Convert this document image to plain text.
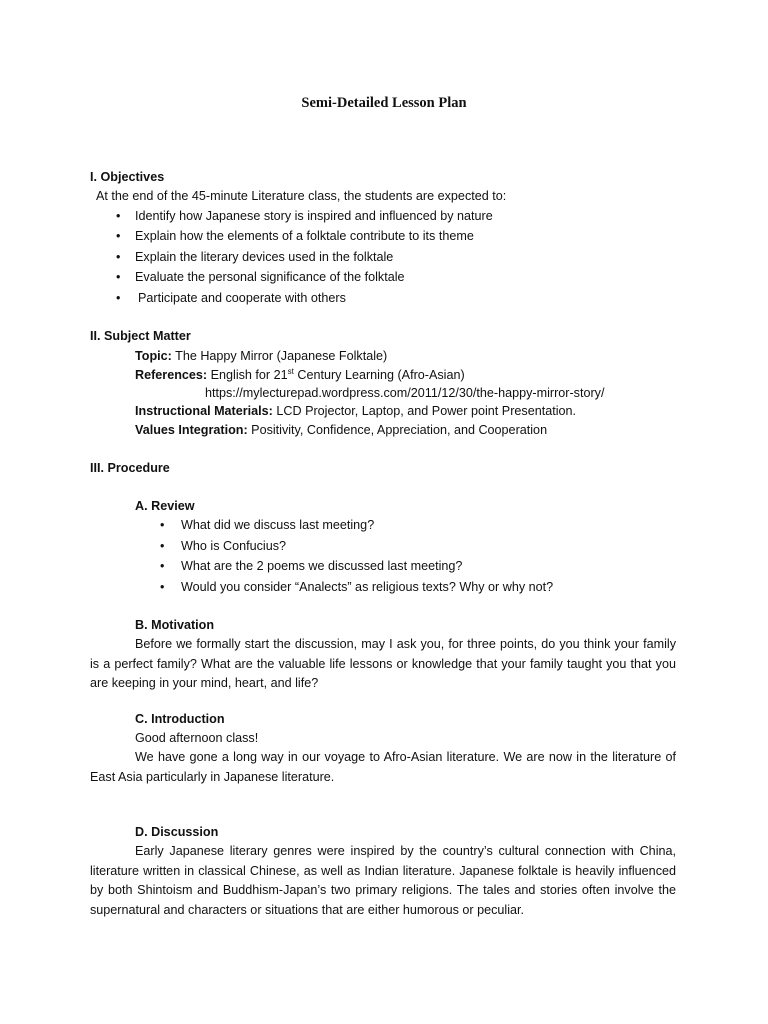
Semi-Detailed Lesson Plan
I. Objectives
At the end of the 45-minute Literature class, the students are expected to:
• Identify how Japanese story is inspired and influenced by nature
• Explain how the elements of a folktale contribute to its theme
• Explain the literary devices used in the folktale
• Evaluate the personal significance of the folktale
• Participate and cooperate with others
II. Subject Matter
Topic: The Happy Mirror (Japanese Folktale)
References: English for 21st Century Learning (Afro-Asian)
https://mylecturepad.wordpress.com/2011/12/30/the-happy-mirror-story/
Instructional Materials: LCD Projector, Laptop, and Power point Presentation.
Values Integration: Positivity, Confidence, Appreciation, and Cooperation
III. Procedure
A. Review
• What did we discuss last meeting?
• Who is Confucius?
• What are the 2 poems we discussed last meeting?
• Would you consider “Analects” as religious texts? Why or why not?
B. Motivation
Before we formally start the discussion, may I ask you, for three points, do you think your family is a perfect family? What are the valuable life lessons or knowledge that your family taught you that you are keeping in your mind, heart, and life?
C. Introduction
Good afternoon class!
We have gone a long way in our voyage to Afro-Asian literature. We are now in the literature of East Asia particularly in Japanese literature.
D. Discussion
Early Japanese literary genres were inspired by the country’s cultural connection with China, literature written in classical Chinese, as well as Indian literature. Japanese folktale is heavily influenced by both Shintoism and Buddhism-Japan’s two primary religions. The tales and stories often involve the supernatural and characters or situations that are either humorous or peculiar.
